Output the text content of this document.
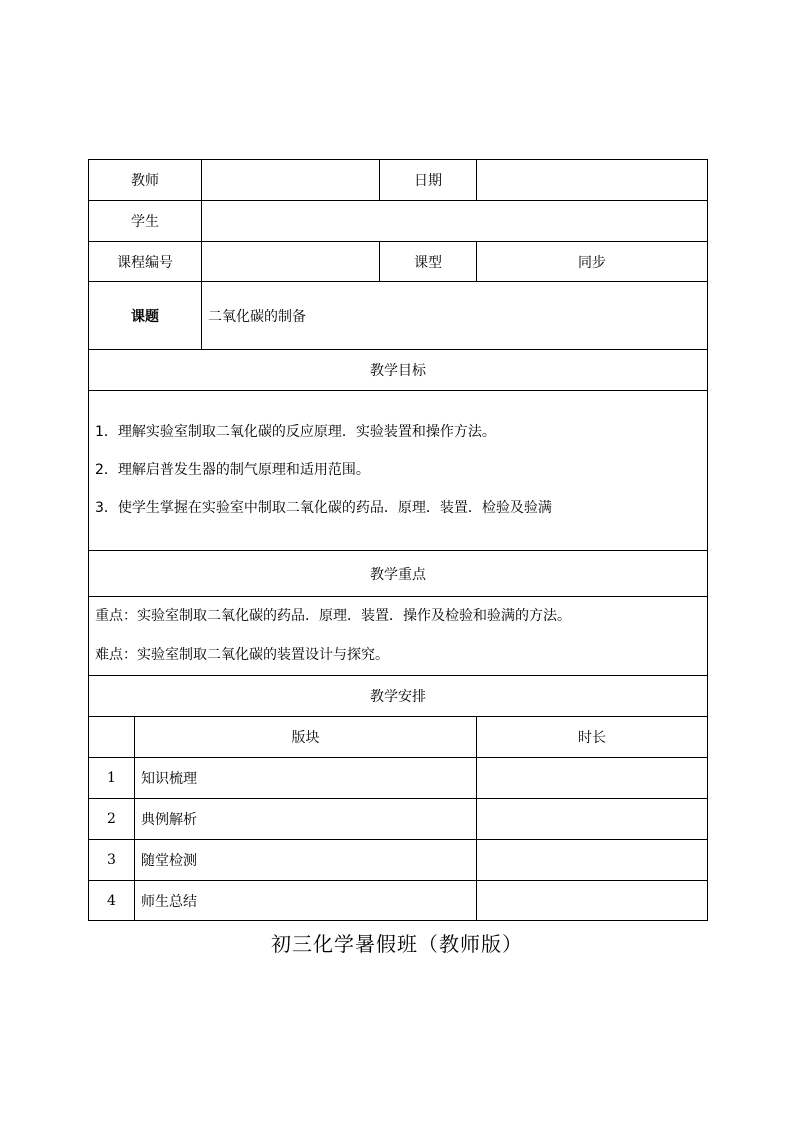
教师			日期	
学生				
课程编号			课型	同步
课题		二氧化碳的制备		
教学目标				

1．理解实验室制取二氧化碳的反应原理．实验装置和操作方法。
2．理解启普发生器的制气原理和适用范围。
3．使学生掌握在实验室中制取二氧化碳的药品．原理．装置．检验及验满				

教学重点				

重点：实验室制取二氧化碳的药品．原理．装置．操作及检验和验满的方法。
难点：实验室制取二氧化碳的装置设计与探究。				

教学安排				
	版块			时长
1	知识梳理			
2	典例解析			
3	随堂检测			
4	师生总结			
初三化学暑假班（教师版）
